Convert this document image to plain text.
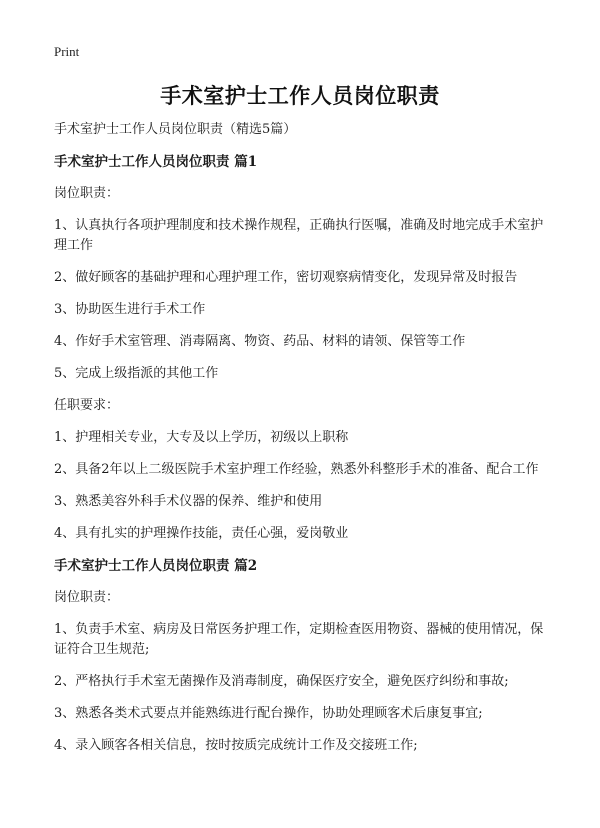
Print
手术室护士工作人员岗位职责

手术室护士工作人员岗位职责（精选5篇）

手术室护士工作人员岗位职责 篇1

岗位职责：

1、认真执行各项护理制度和技术操作规程，正确执行医嘱，准确及时地完成手术室护理工作

2、做好顾客的基础护理和心理护理工作，密切观察病情变化，发现异常及时报告

3、协助医生进行手术工作

4、作好手术室管理、消毒隔离、物资、药品、材料的请领、保管等工作

5、完成上级指派的其他工作

任职要求：

1、护理相关专业，大专及以上学历，初级以上职称

2、具备2年以上二级医院手术室护理工作经验，熟悉外科整形手术的准备、配合工作

3、熟悉美容外科手术仪器的保养、维护和使用

4、具有扎实的护理操作技能，责任心强，爱岗敬业

手术室护士工作人员岗位职责 篇2

岗位职责：

1、负责手术室、病房及日常医务护理工作，定期检查医用物资、器械的使用情况，保证符合卫生规范;

2、严格执行手术室无菌操作及消毒制度，确保医疗安全，避免医疗纠纷和事故;

3、熟悉各类术式要点并能熟练进行配台操作，协助处理顾客术后康复事宜;

4、录入顾客各相关信息，按时按质完成统计工作及交接班工作;
